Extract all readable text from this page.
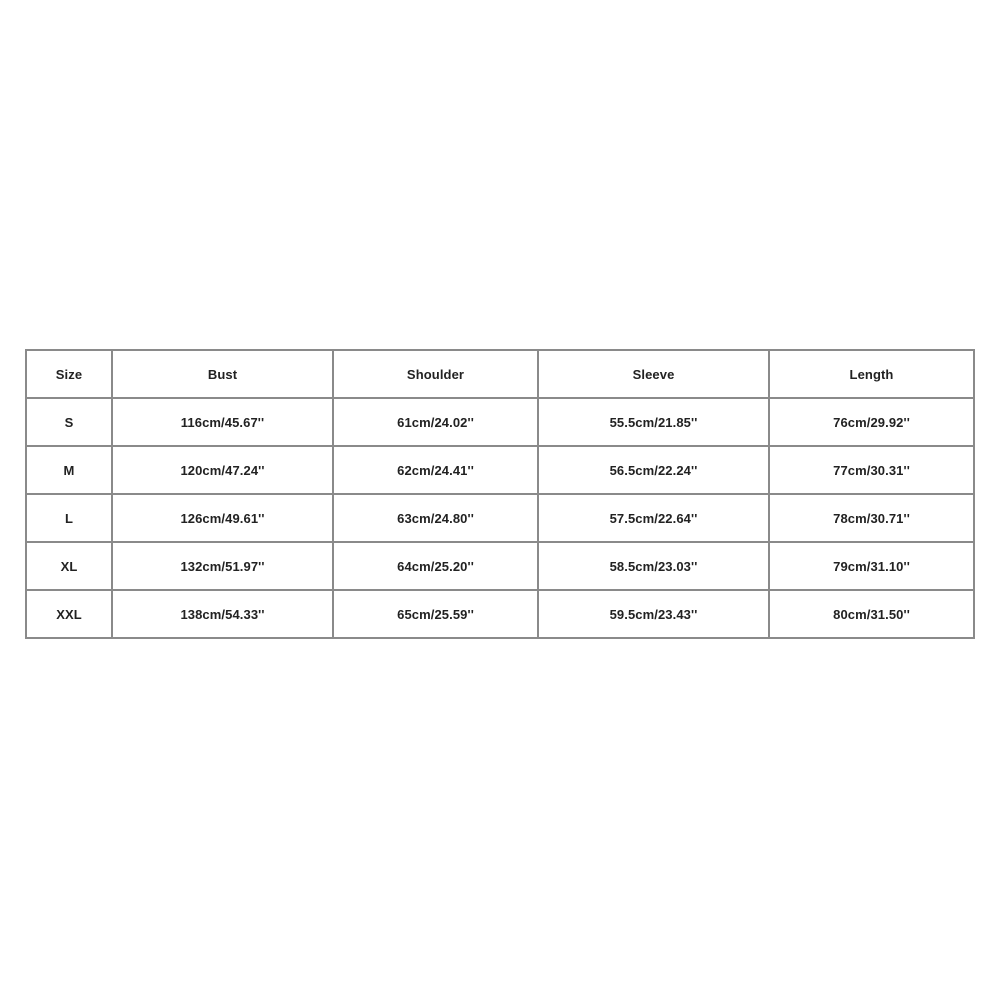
Size	Bust	Shoulder	Sleeve	Length
S	116cm/45.67''	61cm/24.02''	55.5cm/21.85''	76cm/29.92''
M	120cm/47.24''	62cm/24.41''	56.5cm/22.24''	77cm/30.31''
L	126cm/49.61''	63cm/24.80''	57.5cm/22.64''	78cm/30.71''
XL	132cm/51.97''	64cm/25.20''	58.5cm/23.03''	79cm/31.10''
XXL	138cm/54.33''	65cm/25.59''	59.5cm/23.43''	80cm/31.50''
